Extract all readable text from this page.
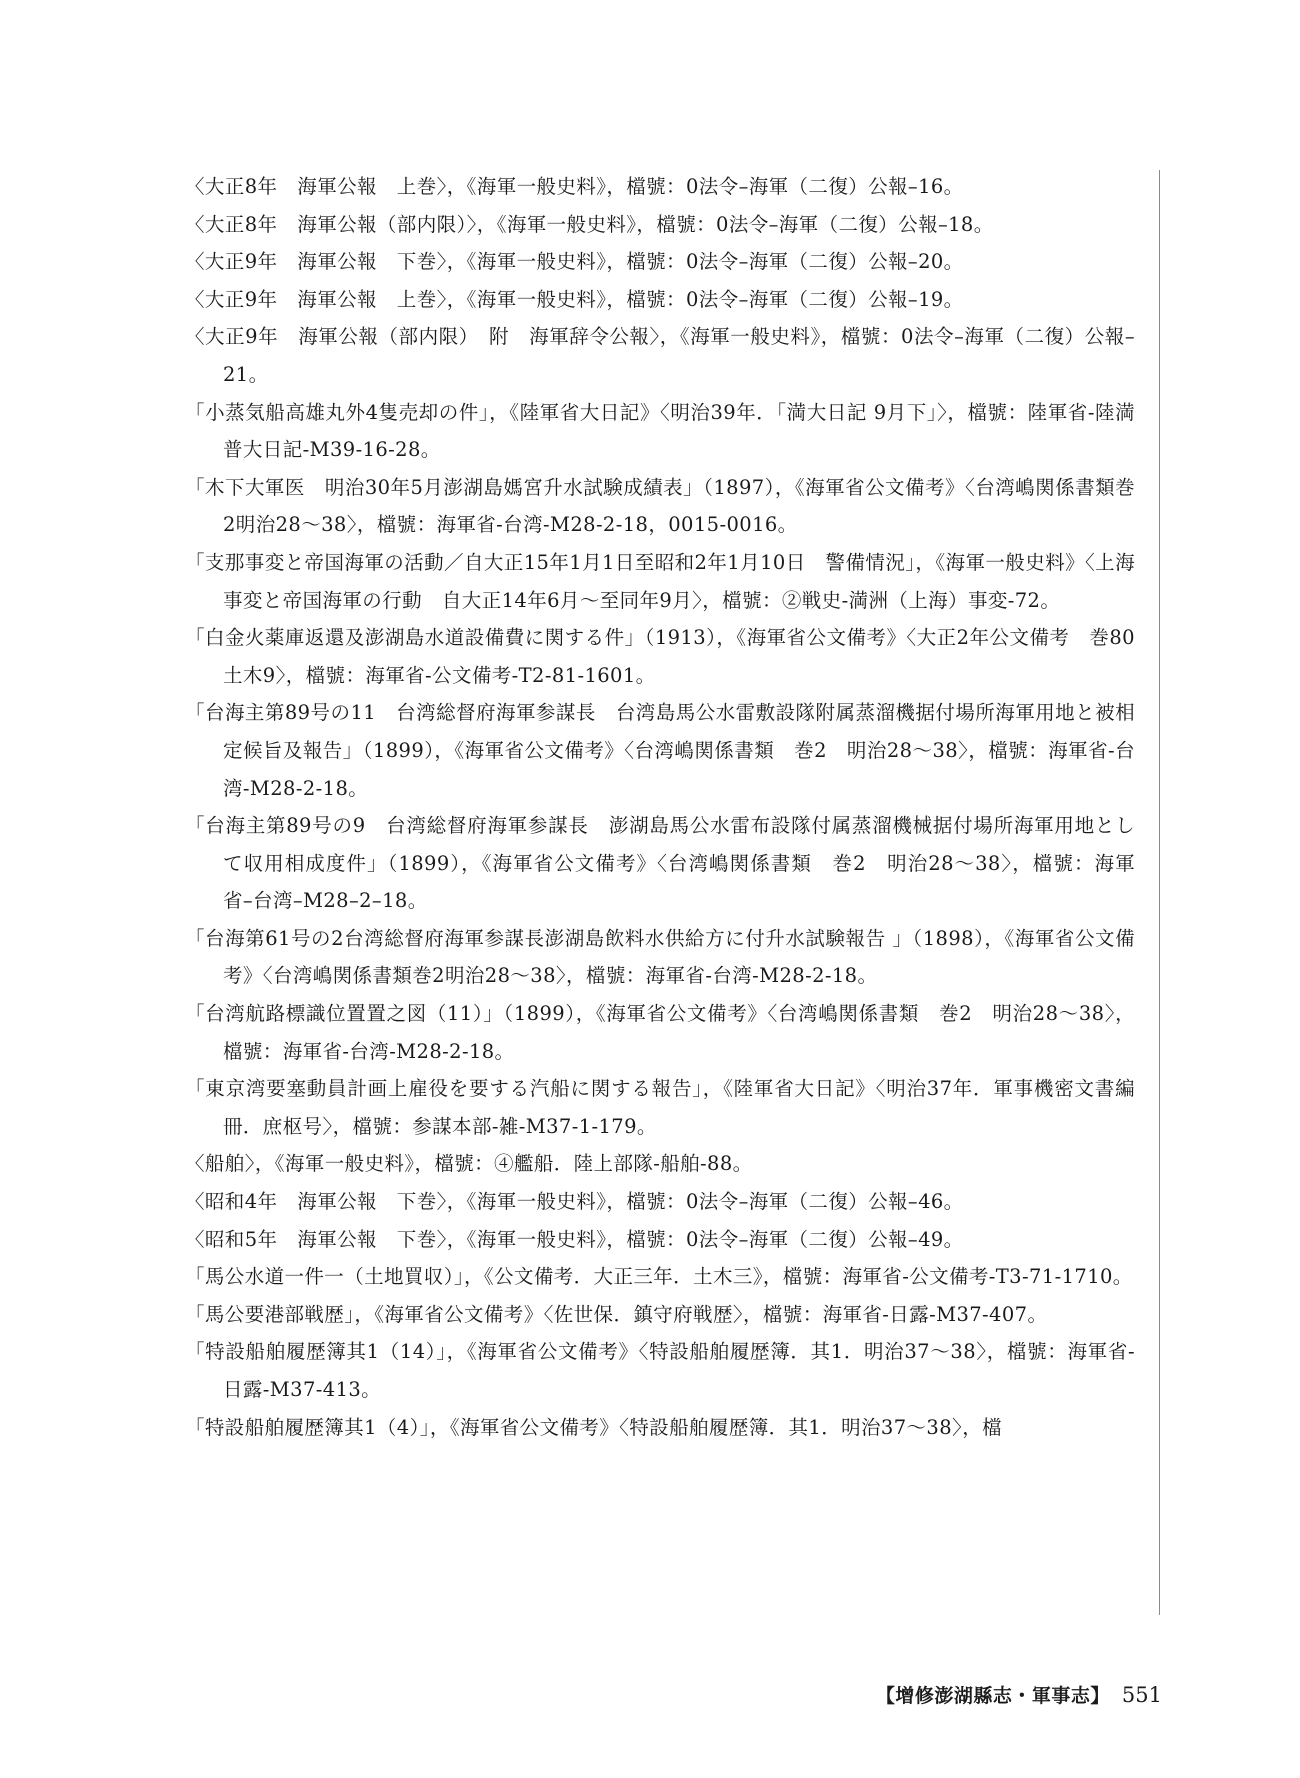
〈大正8年　海軍公報　上巻〉，《海軍一般史料》，檔號：0法令–海軍（二復）公報–16。
〈大正8年　海軍公報（部内限）〉，《海軍一般史料》，檔號：0法令–海軍（二復）公報–18。
〈大正9年　海軍公報　下巻〉，《海軍一般史料》，檔號：0法令–海軍（二復）公報–20。
〈大正9年　海軍公報　上巻〉，《海軍一般史料》，檔號：0法令–海軍（二復）公報–19。
〈大正9年　海軍公報（部内限）　附　海軍辞令公報〉，《海軍一般史料》，檔號：0法令–海軍（二復）公報–21。
「小蒸気船高雄丸外4隻売却の件」，《陸軍省大日記》〈明治39年．「満大日記 9月下」〉，檔號：陸軍省-陸満普大日記-M39-16-28。
「木下大軍医　明治30年5月澎湖島媽宮升水試験成績表」（1897），《海軍省公文備考》〈台湾嶋関係書類巻2明治28～38〉，檔號：海軍省-台湾-M28-2-18，0015-0016。
「支那事変と帝国海軍の活動／自大正15年1月1日至昭和2年1月10日　警備情況」，《海軍一般史料》〈上海事変と帝国海軍の行動　自大正14年6月～至同年9月〉，檔號：②戦史-満洲（上海）事変-72。
「白金火薬庫返還及澎湖島水道設備費に関する件」（1913），《海軍省公文備考》〈大正2年公文備考　巻80　土木9〉，檔號：海軍省-公文備考-T2-81-1601。
「台海主第89号の11　台湾総督府海軍参謀長　台湾島馬公水雷敷設隊附属蒸溜機据付場所海軍用地と被相定候旨及報告」（1899），《海軍省公文備考》〈台湾嶋関係書類　巻2　明治28～38〉，檔號：海軍省-台湾-M28-2-18。
「台海主第89号の9　台湾総督府海軍参謀長　澎湖島馬公水雷布設隊付属蒸溜機械据付場所海軍用地として収用相成度件」（1899），《海軍省公文備考》〈台湾嶋関係書類　巻2　明治28～38〉，檔號：海軍省–台湾–M28–2–18。
「台海第61号の2台湾総督府海軍参謀長澎湖島飲料水供給方に付升水試験報告 」（1898），《海軍省公文備考》〈台湾嶋関係書類巻2明治28～38〉，檔號：海軍省-台湾-M28-2-18。
「台湾航路標識位置置之図（11）」（1899），《海軍省公文備考》〈台湾嶋関係書類　巻2　明治28～38〉，檔號：海軍省-台湾-M28-2-18。
「東京湾要塞動員計画上雇役を要する汽船に関する報告」，《陸軍省大日記》〈明治37年．軍事機密文書編冊．庶枢号〉，檔號：参謀本部-雑-M37-1-179。
〈船舶〉，《海軍一般史料》，檔號：④艦船．陸上部隊-船舶-88。
〈昭和4年　海軍公報　下巻〉，《海軍一般史料》，檔號：0法令–海軍（二復）公報–46。
〈昭和5年　海軍公報　下巻〉，《海軍一般史料》，檔號：0法令–海軍（二復）公報–49。
「馬公水道一件一（土地買収）」，《公文備考．大正三年．土木三》，檔號：海軍省-公文備考-T3-71-1710。
「馬公要港部戦歴」，《海軍省公文備考》〈佐世保．鎮守府戦歴〉，檔號：海軍省-日露-M37-407。
「特設船舶履歴簿其1（14）」，《海軍省公文備考》〈特設船舶履歴簿．其1．明治37～38〉，檔號：海軍省-日露-M37-413。
「特設船舶履歴簿其1（4）」，《海軍省公文備考》〈特設船舶履歴簿．其1．明治37～38〉，檔
【增修澎湖縣志・軍事志】 551
